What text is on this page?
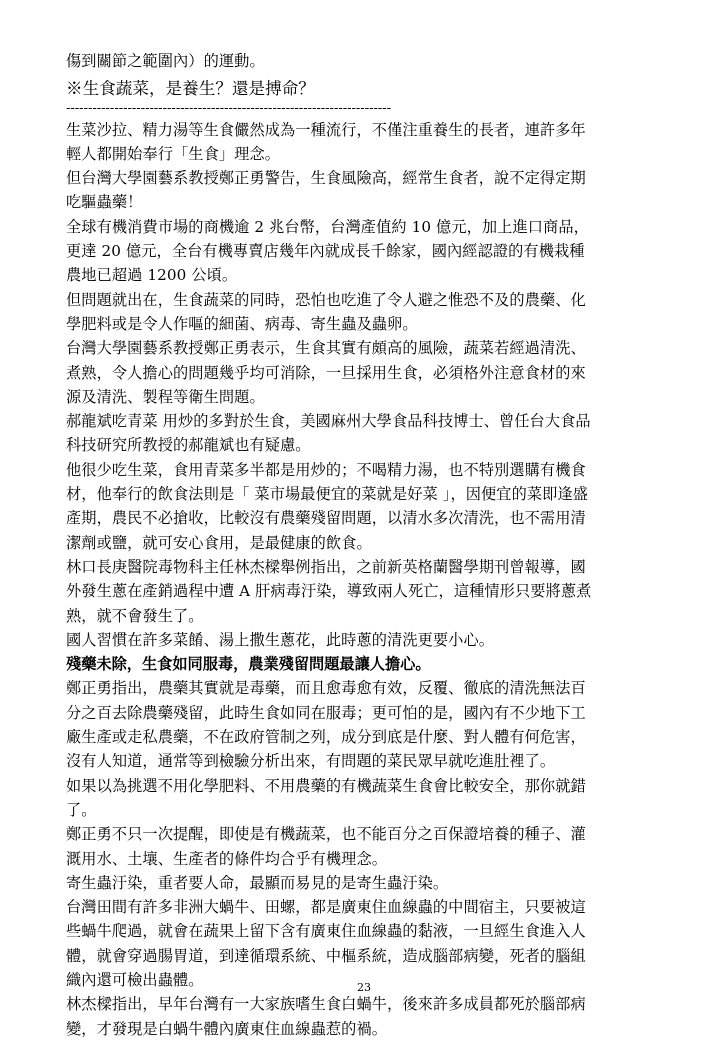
傷到關節之範圍內）的運動。

※生食蔬菜，是養生？還是搏命？

--------------------------------------------------------------------------

生菜沙拉、精力湯等生食儼然成為一種流行，不僅注重養生的長者，連許多年

輕人都開始奉行「生食」理念。

但台灣大學園藝系教授鄭正勇警告，生食風險高，經常生食者，說不定得定期

吃驅蟲藥！

全球有機消費市場的商機逾 2 兆台幣，台灣產值約 10 億元，加上進口商品，

更達 20 億元，全台有機專賣店幾年內就成長千餘家，國內經認證的有機栽種

農地已超過 1200 公頃。

但問題就出在，生食蔬菜的同時，恐怕也吃進了令人避之惟恐不及的農藥、化

學肥料或是令人作嘔的細菌、病毒、寄生蟲及蟲卵。

台灣大學園藝系教授鄭正勇表示，生食其實有頗高的風險，蔬菜若經過清洗、

煮熟，令人擔心的問題幾乎均可消除，一旦採用生食，必須格外注意食材的來

源及清洗、製程等衛生問題。

郝龍斌吃青菜 用炒的多對於生食，美國麻州大學食品科技博士、曾任台大食品

科技研究所教授的郝龍斌也有疑慮。

他很少吃生菜，食用青菜多半都是用炒的；不喝精力湯，也不特別選購有機食

材，他奉行的飲食法則是「 菜市場最便宜的菜就是好菜 」，因便宜的菜即逢盛

產期，農民不必搶收，比較沒有農藥殘留問題，以清水多次清洗，也不需用清

潔劑或鹽，就可安心食用，是最健康的飲食。

林口長庚醫院毒物科主任林杰樑舉例指出，之前新英格蘭醫學期刊曾報導，國

外發生蔥在產銷過程中遭 A 肝病毒汙染，導致兩人死亡，這種情形只要將蔥煮

熟，就不會發生了。

國人習慣在許多菜餚、湯上撒生蔥花，此時蔥的清洗更要小心。

殘藥未除，生食如同服毒，農業殘留問題最讓人擔心。

鄭正勇指出，農藥其實就是毒藥，而且愈毒愈有效，反覆、徹底的清洗無法百

分之百去除農藥殘留，此時生食如同在服毒；更可怕的是，國內有不少地下工

廠生產或走私農藥，不在政府管制之列，成分到底是什麼、對人體有何危害，

沒有人知道，通常等到檢驗分析出來，有問題的菜民眾早就吃進肚裡了。

如果以為挑選不用化學肥料、不用農藥的有機蔬菜生食會比較安全，那你就錯

了。

鄭正勇不只一次提醒，即使是有機蔬菜，也不能百分之百保證培養的種子、灌

溉用水、土壤、生產者的條件均合乎有機理念。

寄生蟲汙染，重者要人命，最顯而易見的是寄生蟲汙染。

台灣田間有許多非洲大蝸牛、田螺，都是廣東住血線蟲的中間宿主，只要被這

些蝸牛爬過，就會在蔬果上留下含有廣東住血線蟲的黏液，一旦經生食進入人

體，就會穿過腸胃道，到達循環系統、中樞系統，造成腦部病變，死者的腦組

織內還可檢出蟲體。

林杰樑指出，早年台灣有一大家族嗜生食白蝸牛，後來許多成員都死於腦部病

變，才發現是白蝸牛體內廣東住血線蟲惹的禍。

23
